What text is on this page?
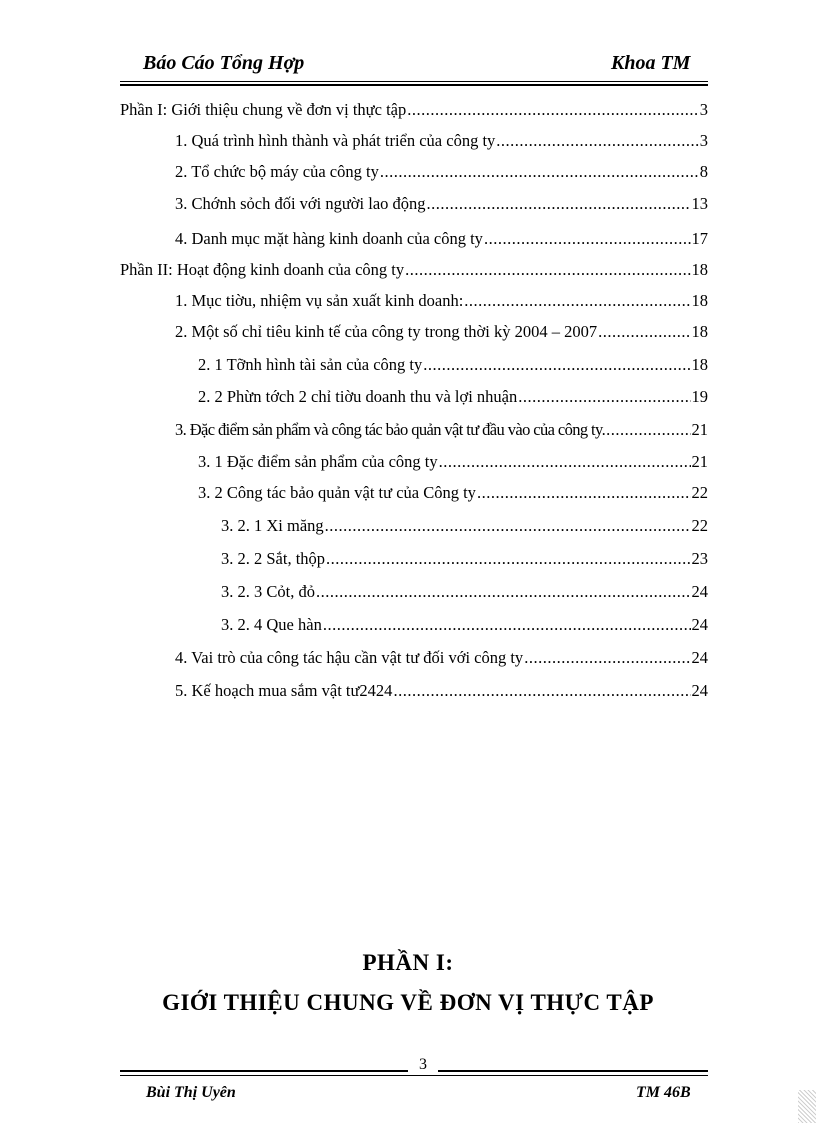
Báo Cáo Tổng Hợp	Khoa TM
Phần I: Giới thiệu chung về đơn vị thực tập .....	3
1. Quá trình hình thành và phát triển của công ty .....	3
2. Tổ chức bộ máy của công ty .....	8
3. Chớnh sỏch đối với người lao động .....	13
4. Danh mục mặt hàng kinh doanh của công ty .....	17
Phần II: Hoạt động kinh doanh của công ty .....	18
1. Mục tiờu, nhiệm vụ sản xuất kinh doanh: .....	18
2. Một số chỉ tiêu kinh tế của công ty trong thời kỳ 2004 – 2007 .....	18
2. 1 Tỡnh hình tài sản của công ty .....	18
2. 2 Phừn tớch 2 chỉ tiờu doanh thu và lợi nhuận .....	19
3. Đặc điểm sản phẩm và công tác bảo quản vật tư đầu vào của công ty. .....	21
3. 1 Đặc điểm sản phẩm của công ty .....	21
3. 2 Công tác bảo quản vật tư của Công ty .....	22
3. 2. 1 Xi măng .....	22
3. 2. 2 Sắt, thộp .....	23
3. 2. 3 Cỏt, đỏ .....	24
3. 2. 4 Que hàn .....	24
4. Vai trò của công tác hậu cần vật tư đối với công ty .....	24
5. Kế hoạch mua sắm vật tư2424 .....	24
PHẦN I:
GIỚI THIỆU CHUNG VỀ ĐƠN VỊ THỰC TẬP
3
Bùi Thị Uyên	TM 46B
